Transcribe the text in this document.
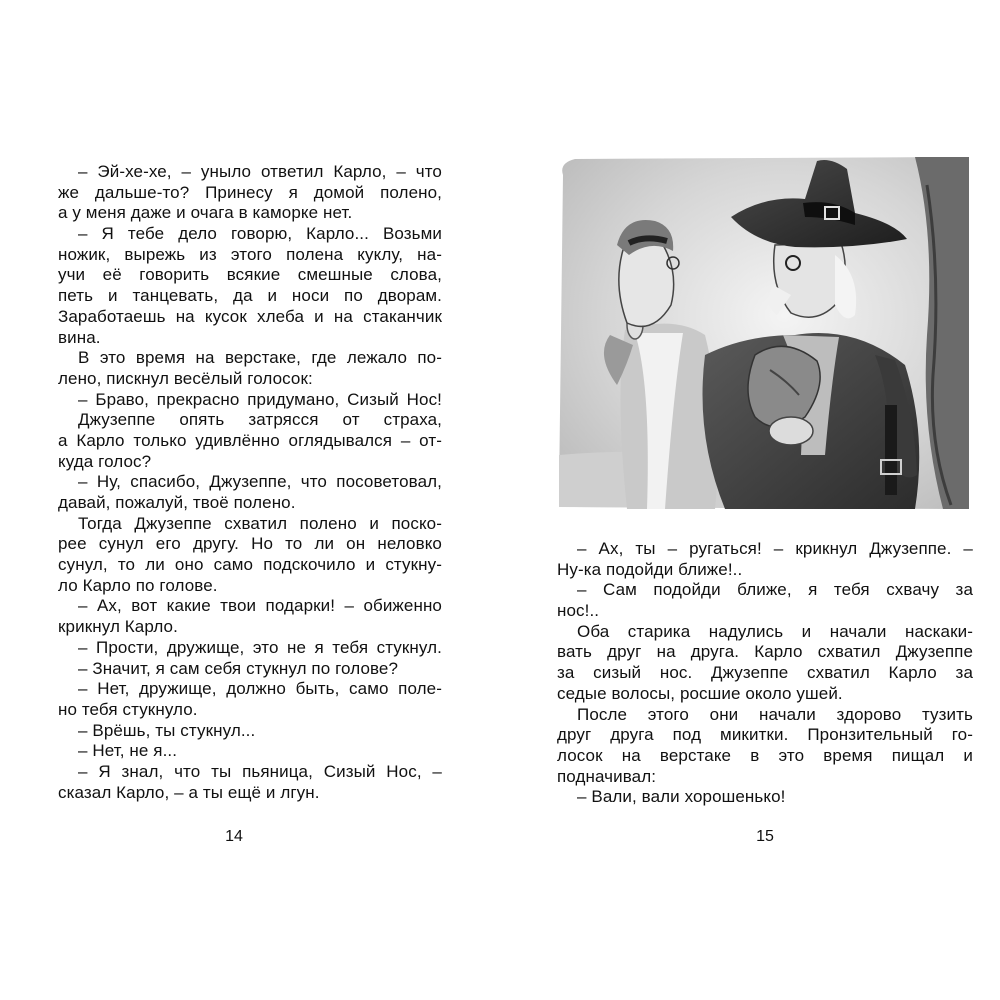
– Эй-хе-хе, – уныло ответил Карло, – что
же дальше-то? Принесу я домой полено,
а у меня даже и очага в каморке нет.
– Я тебе дело говорю, Карло... Возьми
ножик, вырежь из этого полена куклу, на-
учи её говорить всякие смешные слова,
петь и танцевать, да и носи по дворам.
Заработаешь на кусок хлеба и на стаканчик
вина.
В это время на верстаке, где лежало по-
лено, пискнул весёлый голосок:
– Браво, прекрасно придумано, Сизый Нос!
Джузеппе опять затрясся от страха,
а Карло только удивлённо оглядывался – от-
куда голос?
– Ну, спасибо, Джузеппе, что посоветовал,
давай, пожалуй, твоё полено.
Тогда Джузеппе схватил полено и поско-
рее сунул его другу. Но то ли он неловко
сунул, то ли оно само подскочило и стукну-
ло Карло по голове.
– Ах, вот какие твои подарки! – обиженно
крикнул Карло.
– Прости, дружище, это не я тебя стукнул.
– Значит, я сам себя стукнул по голове?
– Нет, дружище, должно быть, само поле-
но тебя стукнуло.
– Врёшь, ты стукнул...
– Нет, не я...
– Я знал, что ты пьяница, Сизый Нос, –
сказал Карло, – а ты ещё и лгун.
14
– Ах, ты – ругаться! – крикнул Джузеппе. –
Ну-ка подойди ближе!..
– Сам подойди ближе, я тебя схвачу за
нос!..
Оба старика надулись и начали наскаки-
вать друг на друга. Карло схватил Джузеппе
за сизый нос. Джузеппе схватил Карло за
седые волосы, росшие около ушей.
После этого они начали здорово тузить
друг друга под микитки. Пронзительный го-
лосок на верстаке в это время пищал и
подначивал:
– Вали, вали хорошенько!
15
